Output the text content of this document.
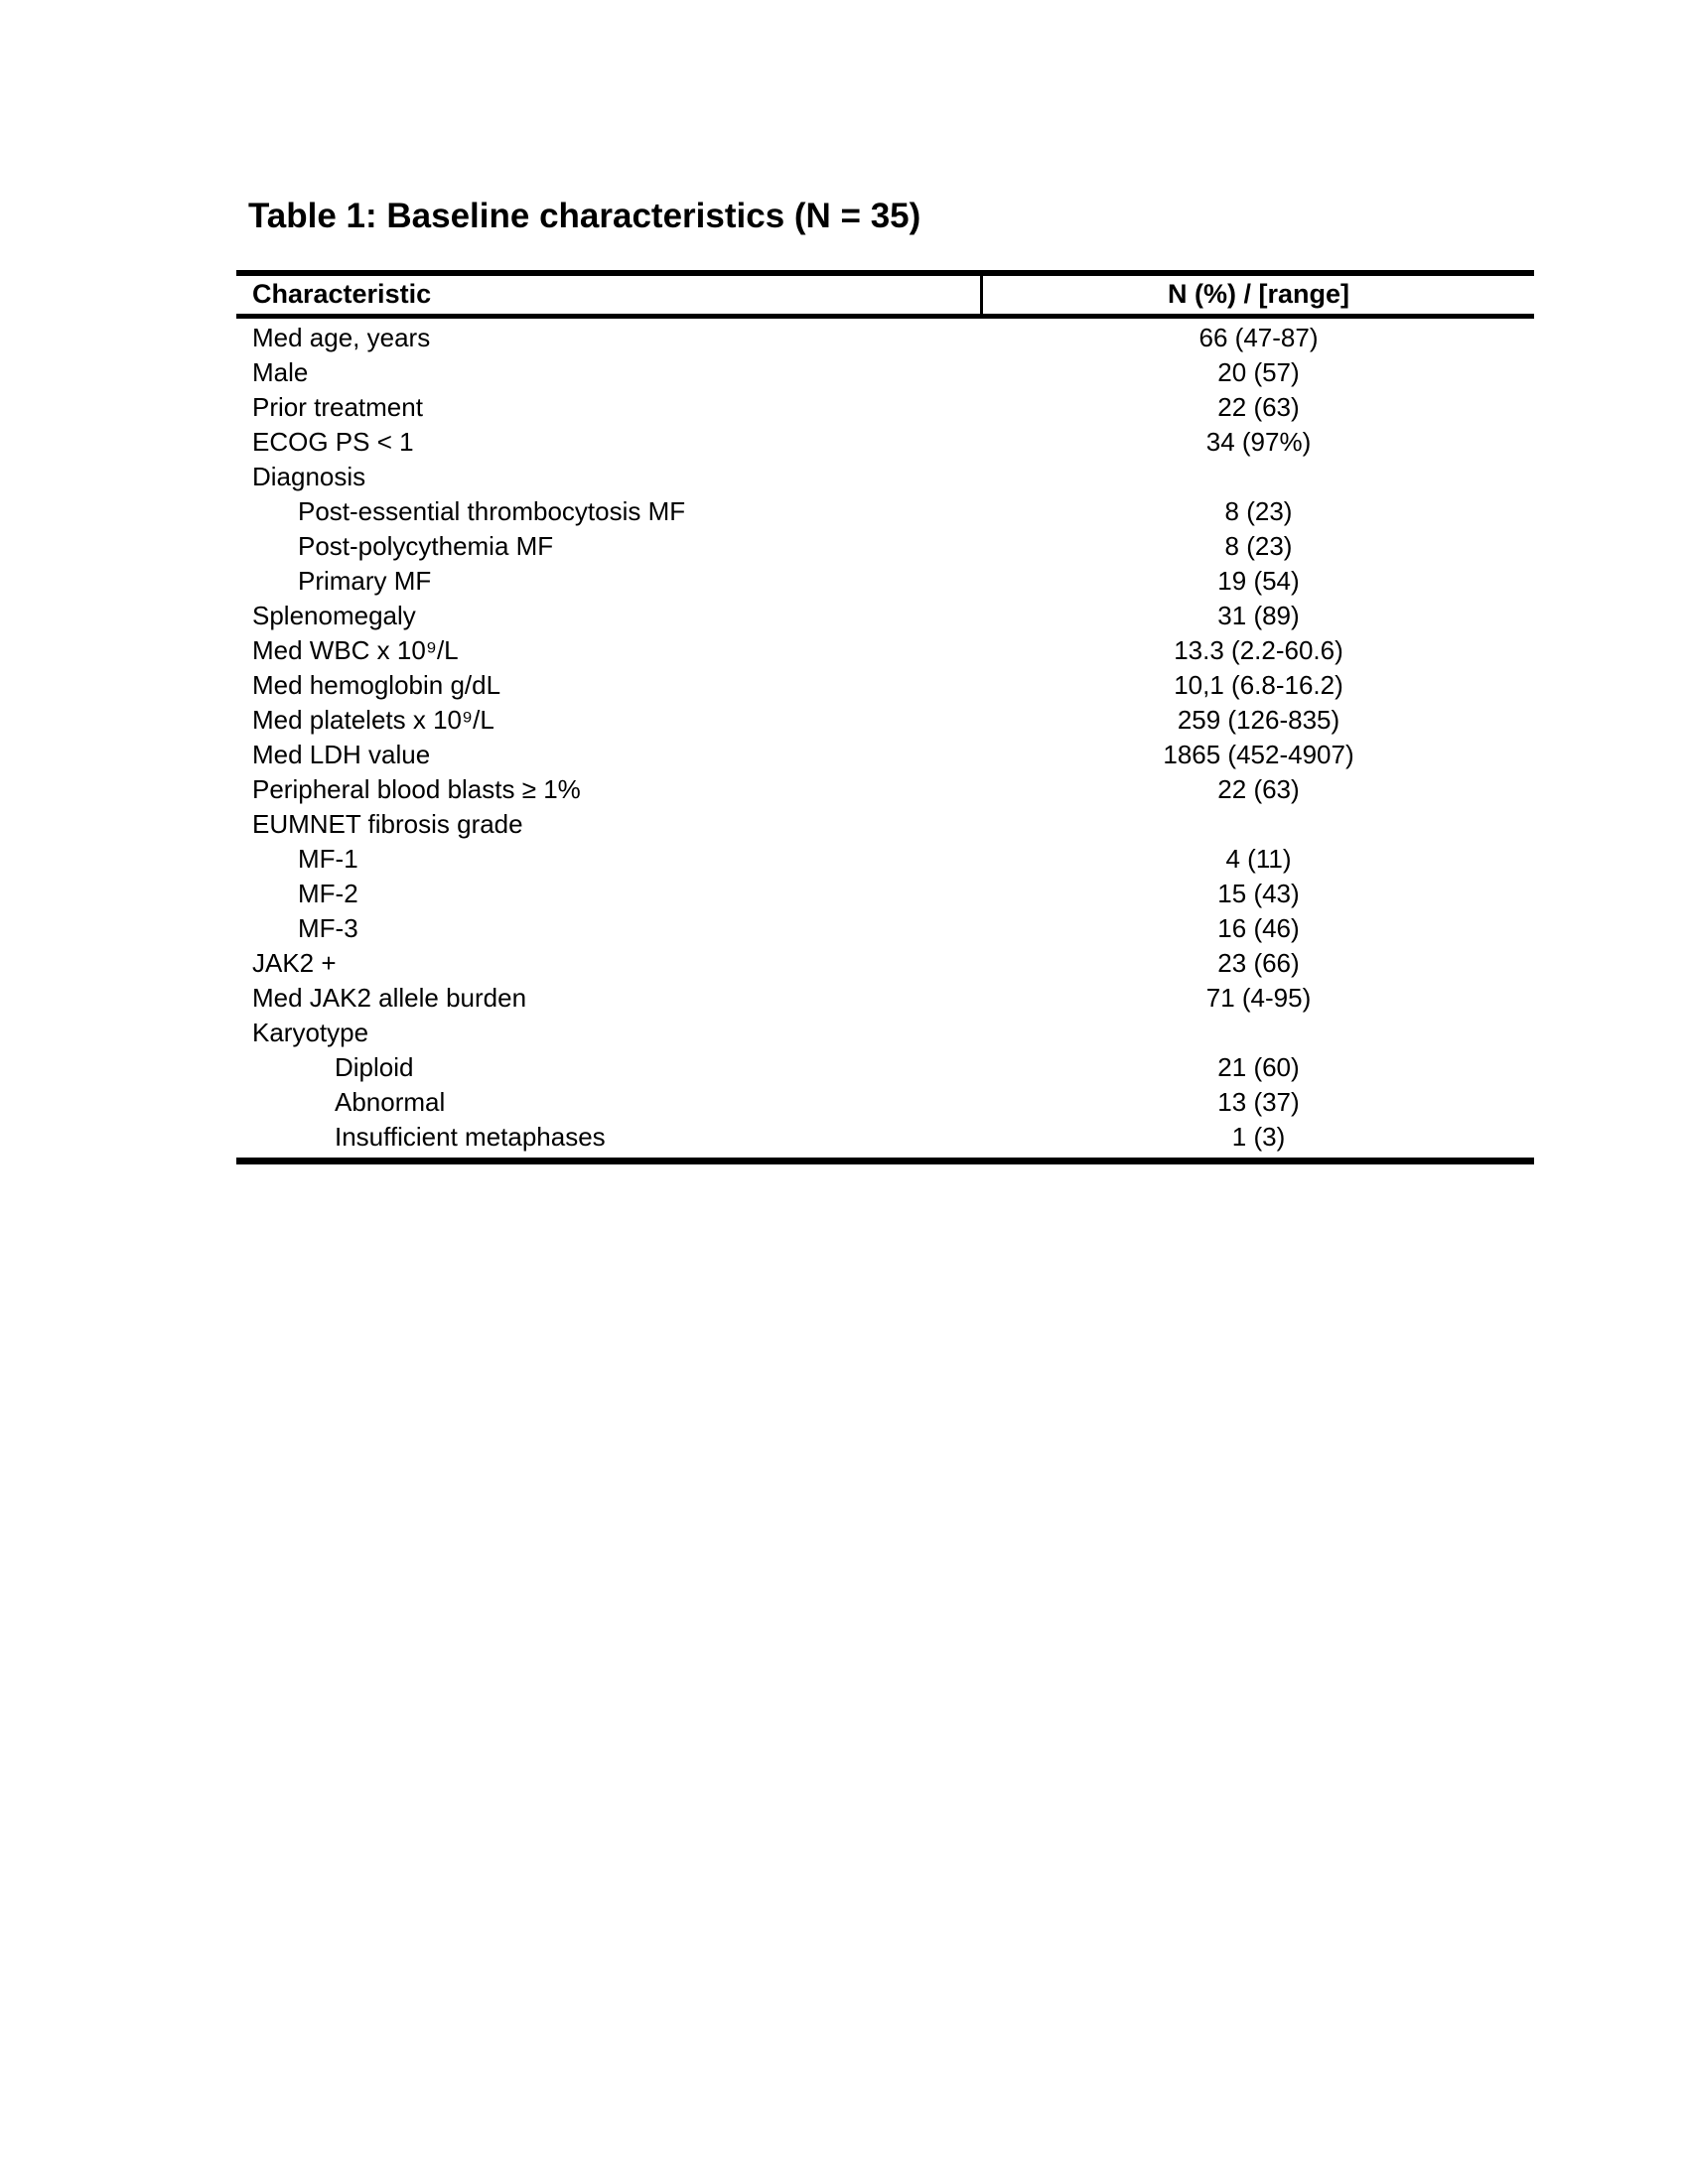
Table 1: Baseline characteristics (N = 35)
Characteristic	N (%) / [range]
Med age, years	66 (47-87)
Male	20 (57)
Prior treatment	22 (63)
ECOG PS < 1	34 (97%)
Diagnosis
Post-essential thrombocytosis MF	8 (23)
Post-polycythemia MF	8 (23)
Primary MF	19 (54)
Splenomegaly	31 (89)
Med WBC x 10⁹/L	13.3 (2.2-60.6)
Med hemoglobin g/dL	10,1 (6.8-16.2)
Med platelets x 10⁹/L	259 (126-835)
Med LDH value	1865 (452-4907)
Peripheral blood blasts ≥ 1%	22 (63)
EUMNET fibrosis grade
MF-1	4 (11)
MF-2	15 (43)
MF-3	16 (46)
JAK2 +	23 (66)
Med JAK2 allele burden	71 (4-95)
Karyotype
Diploid	21 (60)
Abnormal	13 (37)
Insufficient metaphases	1 (3)
